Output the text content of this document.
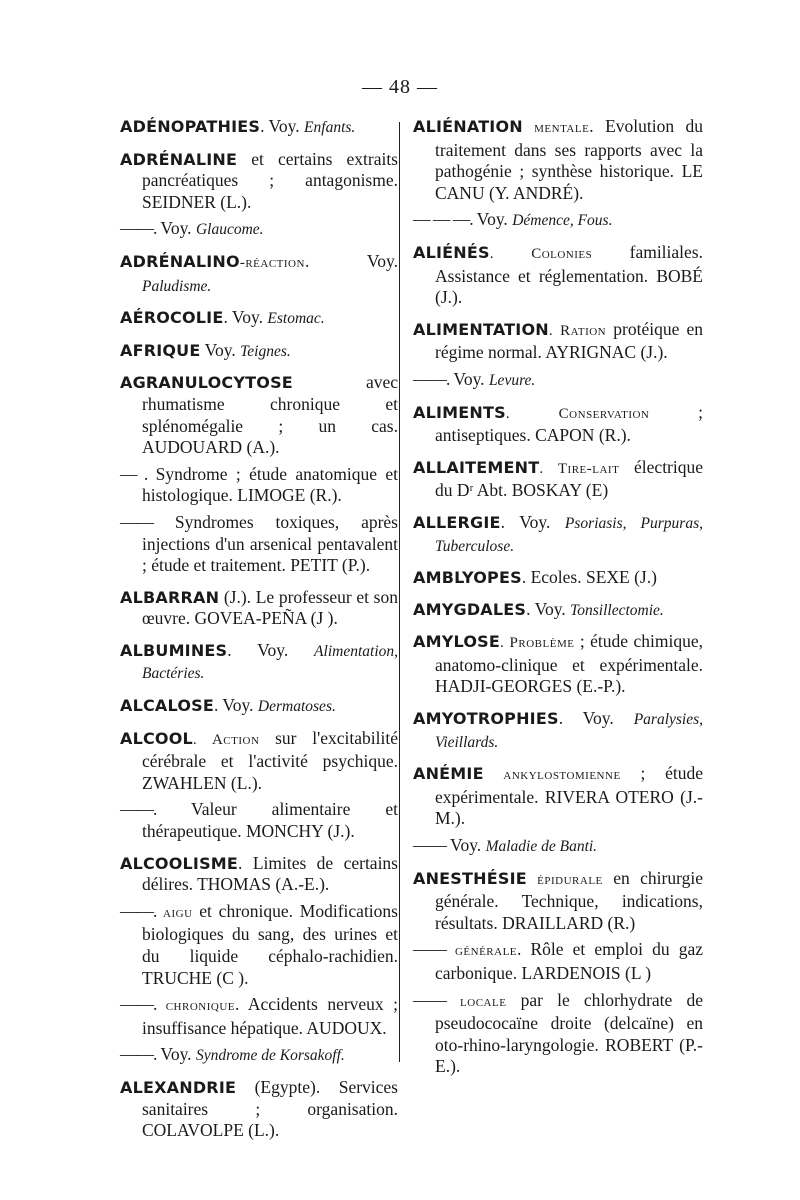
— 48 —

ADÉNOPATHIES. Voy. Enfants.

ADRÉNALINE et certains extraits pancréatiques ; antagonisme. SEIDNER (L.).

——. Voy. Glaucome.

ADRÉNALINO-réaction. Voy. Paludisme.

AÉROCOLIE. Voy. Estomac.

AFRIQUE Voy. Teignes.

AGRANULOCYTOSE avec rhumatisme chronique et splénomégalie ; un cas. AUDOUARD (A.).

— . Syndrome ; étude anatomique et histologique. LIMOGE (R.).

—— Syndromes toxiques, après injections d'un arsenical pentavalent ; étude et traitement. PETIT (P.).

ALBARRAN (J.). Le professeur et son œuvre. GOVEA-PEÑA (J ).

ALBUMINES. Voy. Alimentation, Bactéries.

ALCALOSE. Voy. Dermatoses.

ALCOOL. Action sur l'excitabilité cérébrale et l'activité psychique. ZWAHLEN (L.).

——. Valeur alimentaire et thérapeutique. MONCHY (J.).

ALCOOLISME. Limites de certains délires. THOMAS (A.-E.).

——. aigu et chronique. Modifications biologiques du sang, des urines et du liquide céphalo-rachidien. TRUCHE (C ).

——. chronique. Accidents nerveux ; insuffisance hépatique. AUDOUX.

——. Voy. Syndrome de Korsakoff.

ALEXANDRIE (Egypte). Services sanitaires ; organisation. COLAVOLPE (L.).

ALIÉNATION mentale. Evolution du traitement dans ses rapports avec la pathogénie ; synthèse historique. LE CANU (Y. ANDRÉ).

— — —. Voy. Démence, Fous.

ALIÉNÉS. Colonies familiales. Assistance et réglementation. BOBÉ (J.).

ALIMENTATION. Ration protéique en régime normal. AYRIGNAC (J.).

——. Voy. Levure.

ALIMENTS. Conservation ; antiseptiques. CAPON (R.).

ALLAITEMENT. Tire-lait électrique du Dʳ Abt. BOSKAY (E)

ALLERGIE. Voy. Psoriasis, Purpuras, Tuberculose.

AMBLYOPES. Ecoles. SEXE (J.)

AMYGDALES. Voy. Tonsillectomie.

AMYLOSE. Problème ; étude chimique, anatomo-clinique et expérimentale. HADJI-GEORGES (E.-P.).

AMYOTROPHIES. Voy. Paralysies, Vieillards.

ANÉMIE ankylostomienne ; étude expérimentale. RIVERA OTERO (J.-M.).

—— Voy. Maladie de Banti.

ANESTHÉSIE épidurale en chirurgie générale. Technique, indications, résultats. DRAILLARD (R.)

—— générale. Rôle et emploi du gaz carbonique. LARDENOIS (L )

—— locale par le chlorhydrate de pseudococaïne droite (delcaïne) en oto-rhino-laryngologie. ROBERT (P.-E.).
